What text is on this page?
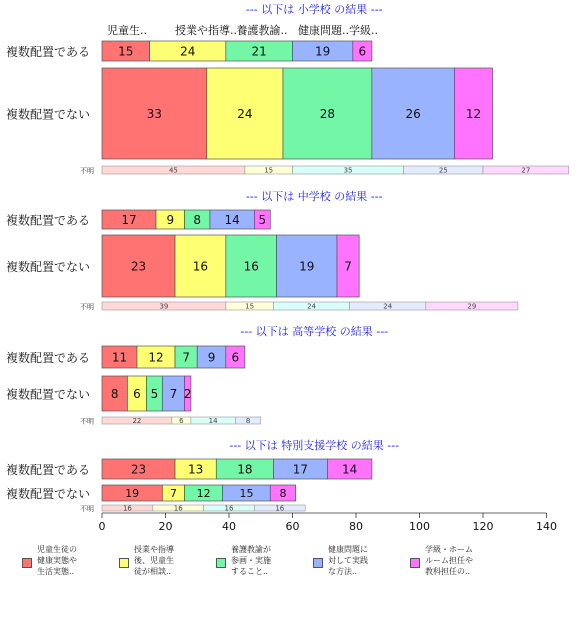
児童生..	授業や指導.. 養護教諭.. 健康問題..学級..
--- 以下は 小学校 の結果 ---
複数配置である 15	24	21	19 6
複数配置でない	33	24	28	26	12
不明	45	15	35	25	27
--- 以下は 中学校 の結果 ---
複数配置である	17 9 8 14 5
複数配置でない	23	16	16	19 7
不明	39	15	24	24	29
--- 以下は 高等学校 の結果 ---
複数配置である 11 12 7 9 6
複数配置でない 8 6 5 7 2
不明	22	6	14	8
--- 以下は 特別支援学校 の結果 ---
複数配置である	23	13	18	17	14
複数配置でない	19	7 12	15 8
不明	16	16	16	16
0	20	40	60	80	100	120	140
児童生徒の
健康実態や
生活実態..
授業や指導
後、児童生
徒が相談..
養護教諭が
参画・実施
すること..
健康問題に
対して実践
な方法..
学級・ホーム
ルーム担任や
教科担任の..
